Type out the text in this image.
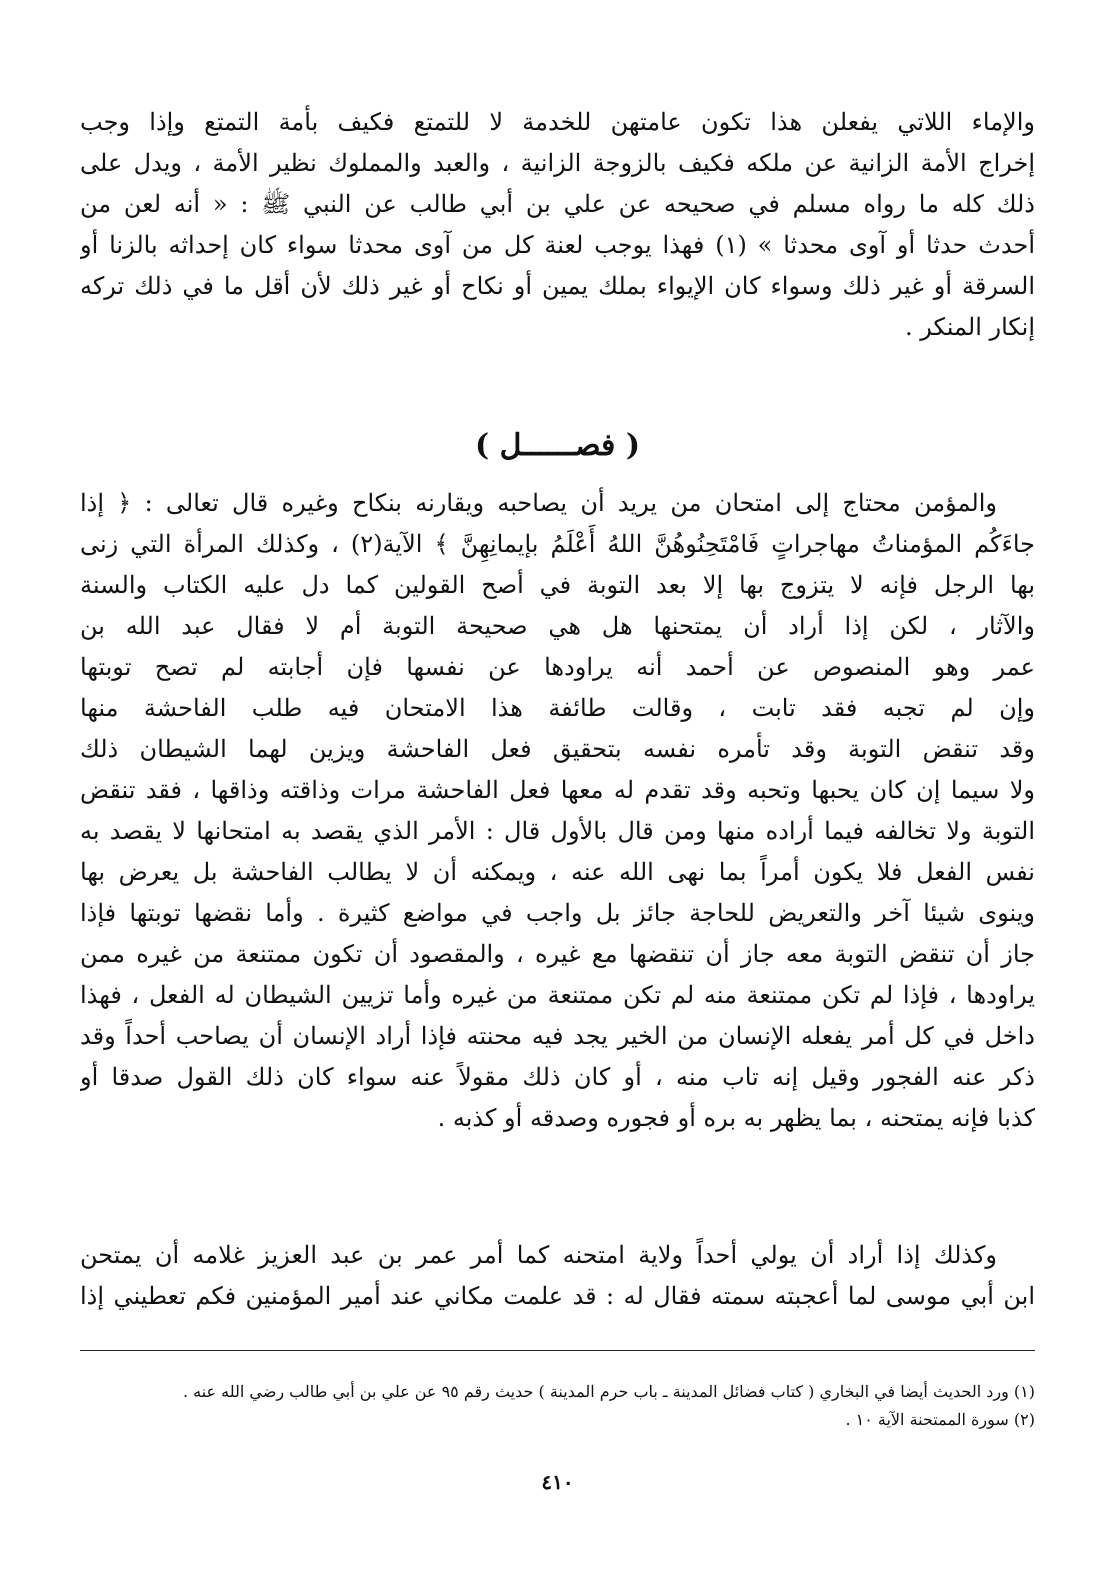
والإماء اللاتي يفعلن هذا تكون عامتهن للخدمة لا للتمتع فكيف بأمة التمتع وإذا وجب
إخراج الأمة الزانية عن ملكه فكيف بالزوجة الزانية ، والعبد والمملوك نظير الأمة ، ويدل على
ذلك كله ما رواه مسلم في صحيحه عن علي بن أبي طالب عن النبي ﷺ : « أنه لعن من
أحدث حدثا أو آوى محدثا » (١) فهذا يوجب لعنة كل من آوى محدثا سواء كان إحداثه بالزنا أو
السرقة أو غير ذلك وسواء كان الإيواء بملك يمين أو نكاح أو غير ذلك لأن أقل ما في ذلك تركه
إنكار المنكر .
( فصــــــل )
والمؤمن محتاج إلى امتحان من يريد أن يصاحبه ويقارنه بنكاح وغيره قال تعالى : ﴿ إذا
جاءَكُم المؤمناتُ مهاجراتٍ فَامْتَحِنُوهُنَّ اللهُ أَعْلَمُ بإيمانِهِنَّ ﴾ الآية(٢) ، وكذلك المرأة التي زنى
بها الرجل فإنه لا يتزوج بها إلا بعد التوبة في أصح القولين كما دل عليه الكتاب والسنة
والآثار ، لكن إذا أراد أن يمتحنها هل هي صحيحة التوبة أم لا فقال عبد الله بن
عمر وهو المنصوص عن أحمد أنه يراودها عن نفسها فإن أجابته لم تصح توبتها
وإن لم تجبه فقد تابت ، وقالت طائفة هذا الامتحان فيه طلب الفاحشة منها
وقد تنقض التوبة وقد تأمره نفسه بتحقيق فعل الفاحشة ويزين لهما الشيطان ذلك
ولا سيما إن كان يحبها وتحبه وقد تقدم له معها فعل الفاحشة مرات وذاقته وذاقها ، فقد تنقض
التوبة ولا تخالفه فيما أراده منها ومن قال بالأول قال : الأمر الذي يقصد به امتحانها لا يقصد به
نفس الفعل فلا يكون أمراً بما نهى الله عنه ، ويمكنه أن لا يطالب الفاحشة بل يعرض بها
وينوى شيئا آخر والتعريض للحاجة جائز بل واجب في مواضع كثيرة . وأما نقضها توبتها فإذا
جاز أن تنقض التوبة معه جاز أن تنقضها مع غيره ، والمقصود أن تكون ممتنعة من غيره ممن
يراودها ، فإذا لم تكن ممتنعة منه لم تكن ممتنعة من غيره وأما تزيين الشيطان له الفعل ، فهذا
داخل في كل أمر يفعله الإنسان من الخير يجد فيه محنته فإذا أراد الإنسان أن يصاحب أحداً وقد
ذكر عنه الفجور وقيل إنه تاب منه ، أو كان ذلك مقولاً عنه سواء كان ذلك القول صدقا أو
كذبا فإنه يمتحنه ، بما يظهر به بره أو فجوره وصدقه أو كذبه .
وكذلك إذا أراد أن يولي أحداً ولاية امتحنه كما أمر عمر بن عبد العزيز غلامه أن يمتحن
ابن أبي موسى لما أعجبته سمته فقال له : قد علمت مكاني عند أمير المؤمنين فكم تعطيني إذا
(١) ورد الحديث أيضا في البخاري ( كتاب فضائل المدينة ـ باب حرم المدينة ) حديث رقم ٩٥ عن علي بن أبي طالب رضي الله عنه .
(٢) سورة الممتحنة الآية ١٠ .
٤١٠
